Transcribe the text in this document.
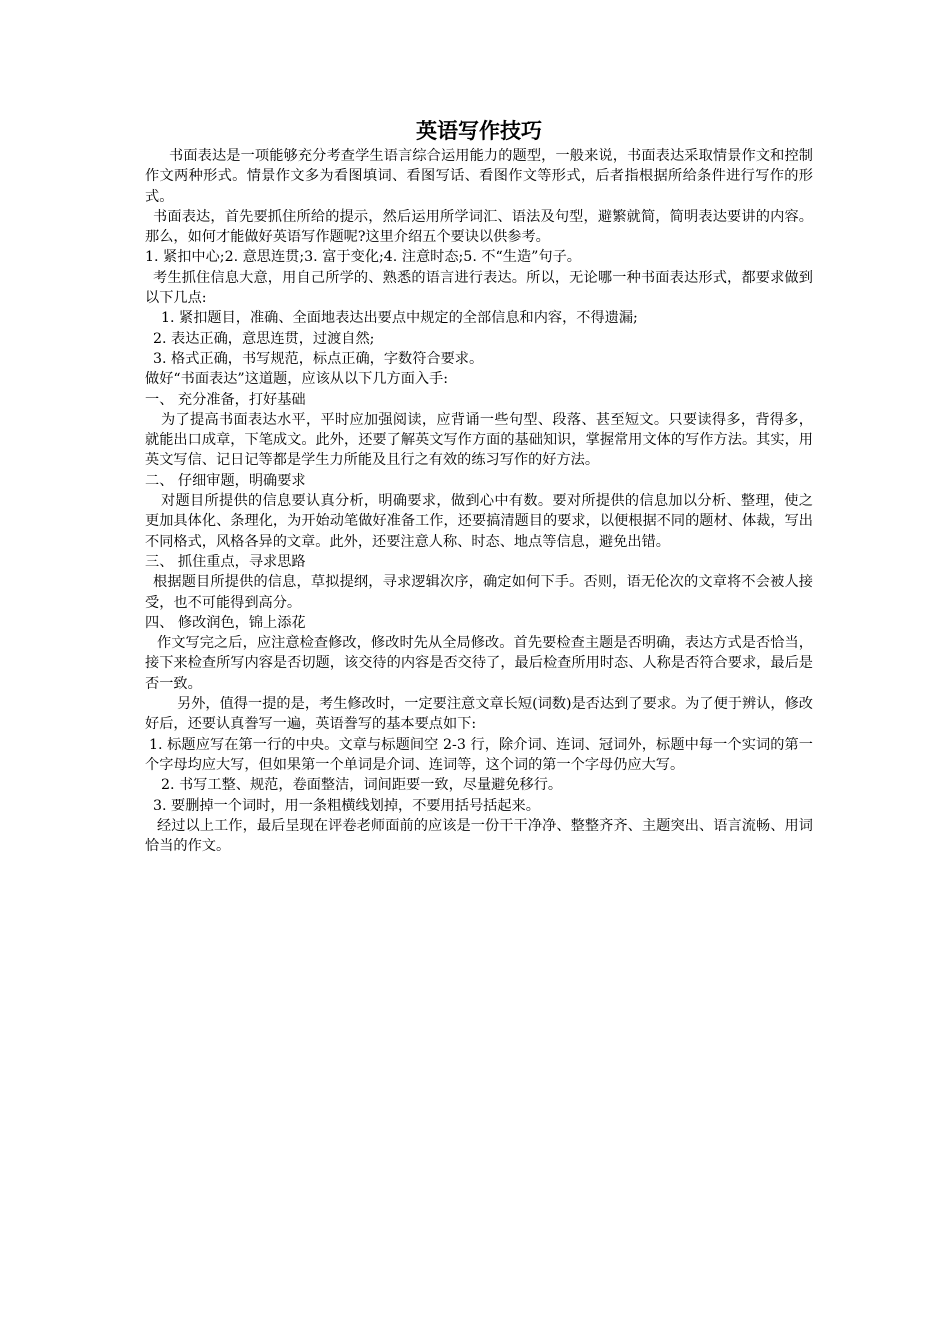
英语写作技巧

书面表达是一项能够充分考查学生语言综合运用能力的题型，一般来说，书面表达采取情景作文和控制作文两种形式。情景作文多为看图填词、看图写话、看图作文等形式，后者指根据所给条件进行写作的形式。

书面表达，首先要抓住所给的提示，然后运用所学词汇、语法及句型，避繁就简，简明表达要讲的内容。那么，如何才能做好英语写作题呢?这里介绍五个要诀以供参考。

1. 紧扣中心;2. 意思连贯;3. 富于变化;4. 注意时态;5. 不“生造”句子。

考生抓住信息大意，用自己所学的、熟悉的语言进行表达。所以，无论哪一种书面表达形式，都要求做到以下几点:

1. 紧扣题目，准确、全面地表达出要点中规定的全部信息和内容，不得遗漏;

2. 表达正确，意思连贯，过渡自然;

3. 格式正确，书写规范，标点正确，字数符合要求。

做好“书面表达”这道题，应该从以下几方面入手:

一、 充分准备，打好基础

为了提高书面表达水平，平时应加强阅读，应背诵一些句型、段落、甚至短文。只要读得多，背得多，就能出口成章，下笔成文。此外，还要了解英文写作方面的基础知识，掌握常用文体的写作方法。其实，用英文写信、记日记等都是学生力所能及且行之有效的练习写作的好方法。

二、 仔细审题，明确要求

对题目所提供的信息要认真分析，明确要求，做到心中有数。要对所提供的信息加以分析、整理，使之更加具体化、条理化，为开始动笔做好准备工作，还要搞清题目的要求，以便根据不同的题材、体裁，写出不同格式，风格各异的文章。此外，还要注意人称、时态、地点等信息，避免出错。

三、 抓住重点，寻求思路

根据题目所提供的信息，草拟提纲，寻求逻辑次序，确定如何下手。否则，语无伦次的文章将不会被人接受，也不可能得到高分。

四、 修改润色，锦上添花

作文写完之后，应注意检查修改，修改时先从全局修改。首先要检查主题是否明确，表达方式是否恰当，接下来检查所写内容是否切题，该交待的内容是否交待了，最后检查所用时态、人称是否符合要求，最后是否一致。

另外，值得一提的是，考生修改时，一定要注意文章长短(词数)是否达到了要求。为了便于辨认，修改好后，还要认真誊写一遍，英语誊写的基本要点如下:

1. 标题应写在第一行的中央。文章与标题间空 2-3 行，除介词、连词、冠词外，标题中每一个实词的第一个字母均应大写，但如果第一个单词是介词、连词等，这个词的第一个字母仍应大写。

2. 书写工整、规范，卷面整洁，词间距要一致，尽量避免移行。

3. 要删掉一个词时，用一条粗横线划掉，不要用括号括起来。

经过以上工作，最后呈现在评卷老师面前的应该是一份干干净净、整整齐齐、主题突出、语言流畅、用词恰当的作文。
